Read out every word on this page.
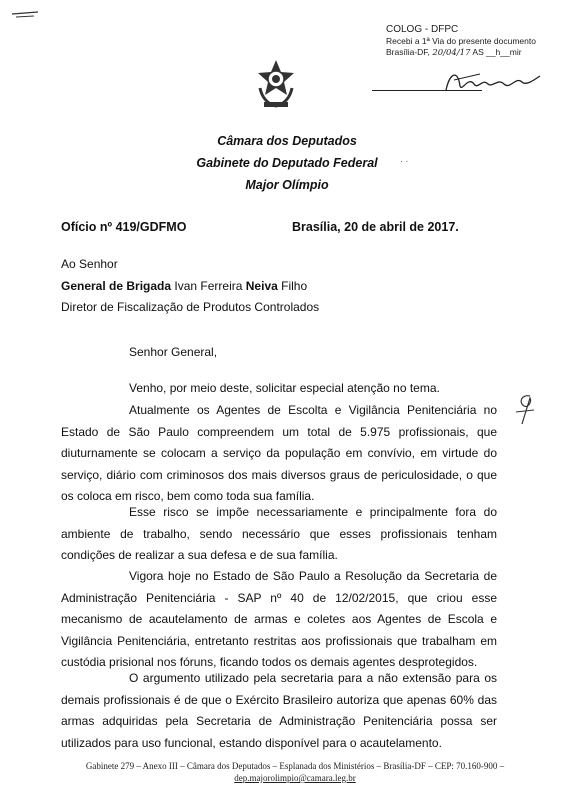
COLOG - DFPC
Recebi a 1ª Via do presente documento
Brasília-DF, 20/04/17 AS __h__mir
Câmara dos Deputados
Gabinete do Deputado Federal
Major Olímpio
· ·
Ofício nº 419/GDFMO	Brasília, 20 de abril de 2017.
Ao Senhor
General de Brigada Ivan Ferreira Neiva Filho
Diretor de Fiscalização de Produtos Controlados
Senhor General,
Venho, por meio deste, solicitar especial atenção no tema.
Atualmente os Agentes de Escolta e Vigilância Penitenciária no Estado de São Paulo compreendem um total de 5.975 profissionais, que diuturnamente se colocam a serviço da população em convívio, em virtude do serviço, diário com criminosos dos mais diversos graus de periculosidade, o que os coloca em risco, bem como toda sua família.
Esse risco se impõe necessariamente e principalmente fora do ambiente de trabalho, sendo necessário que esses profissionais tenham condições de realizar a sua defesa e de sua família.
Vigora hoje no Estado de São Paulo a Resolução da Secretaria de Administração Penitenciária - SAP nº 40 de 12/02/2015, que criou esse mecanismo de acautelamento de armas e coletes aos Agentes de Escola e Vigilância Penitenciária, entretanto restritas aos profissionais que trabalham em custódia prisional nos fóruns, ficando todos os demais agentes desprotegidos.
O argumento utilizado pela secretaria para a não extensão para os demais profissionais é de que o Exército Brasileiro autoriza que apenas 60% das armas adquiridas pela Secretaria de Administração Penitenciária possa ser utilizados para uso funcional, estando disponível para o acautelamento.
Gabinete 279 – Anexo III – Câmara dos Deputados – Esplanada dos Ministérios – Brasília-DF – CEP: 70.160-900 –
dep.majorolimpio@camara.leg.br
